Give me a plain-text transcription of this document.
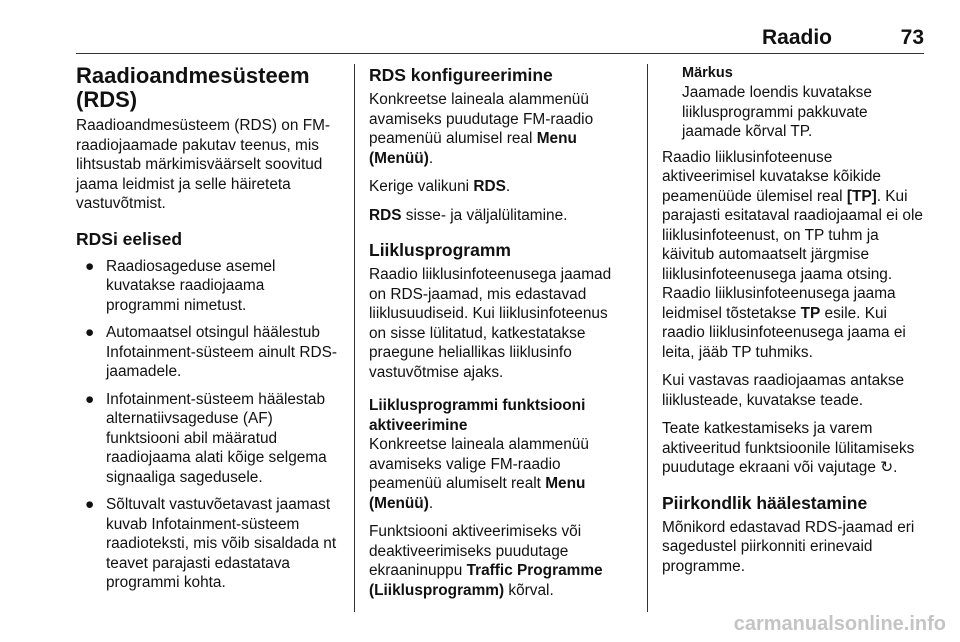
Raadio	73
Raadioandmesüsteem (RDS)

Raadioandmesüsteem (RDS) on FM-raadiojaamade pakutav teenus, mis lihtsustab märkimisväärselt soovitud jaama leidmist ja selle häireteta vastuvõtmist.

RDSi eelised
● Raadiosageduse asemel kuvatakse raadiojaama programmi nimetust.
● Automaatsel otsingul häälestub Infotainment-süsteem ainult RDS-jaamadele.
● Infotainment-süsteem häälestab alternatiivsageduse (AF) funktsiooni abil määratud raadiojaama alati kõige selgema signaaliga sagedusele.
● Sõltuvalt vastuvõetavast jaamast kuvab Infotainment-süsteem raadioteksti, mis võib sisaldada nt teavet parajasti edastatava programmi kohta.
RDS konfigureerimine

Konkreetse laineala alammenüü avamiseks puudutage FM-raadio peamenüü alumisel real Menu (Menüü).

Kerige valikuni RDS.

RDS sisse- ja väljalülitamine.

Liiklusprogramm

Raadio liiklusinfoteenusega jaamad on RDS-jaamad, mis edastavad liiklusuudiseid. Kui liiklusinfoteenus on sisse lülitatud, katkestatakse praegune heliallikas liiklusinfo vastuvõtmise ajaks.

Liiklusprogrammi funktsiooni aktiveerimine

Konkreetse laineala alammenüü avamiseks valige FM-raadio peamenüü alumiselt realt Menu (Menüü).

Funktsiooni aktiveerimiseks või deaktiveerimiseks puudutage ekraaninuppu Traffic Programme (Liiklusprogramm) kõrval.

Märkus
Jaamade loendis kuvatakse liiklusprogrammi pakkuvate jaamade kõrval TP.

Raadio liiklusinfoteenuse aktiveerimisel kuvatakse kõikide peamenüüde ülemisel real [TP]. Kui parajasti esitataval raadiojaamal ei ole liiklusinfoteenust, on TP tuhm ja käivitub automaatselt järgmise liiklusinfoteenusega jaama otsing. Raadio liiklusinfoteenusega jaama leidmisel tõstetakse TP esile. Kui raadio liiklusinfoteenusega jaama ei leita, jääb TP tuhmiks.

Kui vastavas raadiojaamas antakse liiklusteade, kuvatakse teade.

Teate katkestamiseks ja varem aktiveeritud funktsioonile lülitamiseks puudutage ekraani või vajutage ↻.

Piirkondlik häälestamine

Mõnikord edastavad RDS-jaamad eri sagedustel piirkonniti erinevaid programme.

carmanualsonline.info
